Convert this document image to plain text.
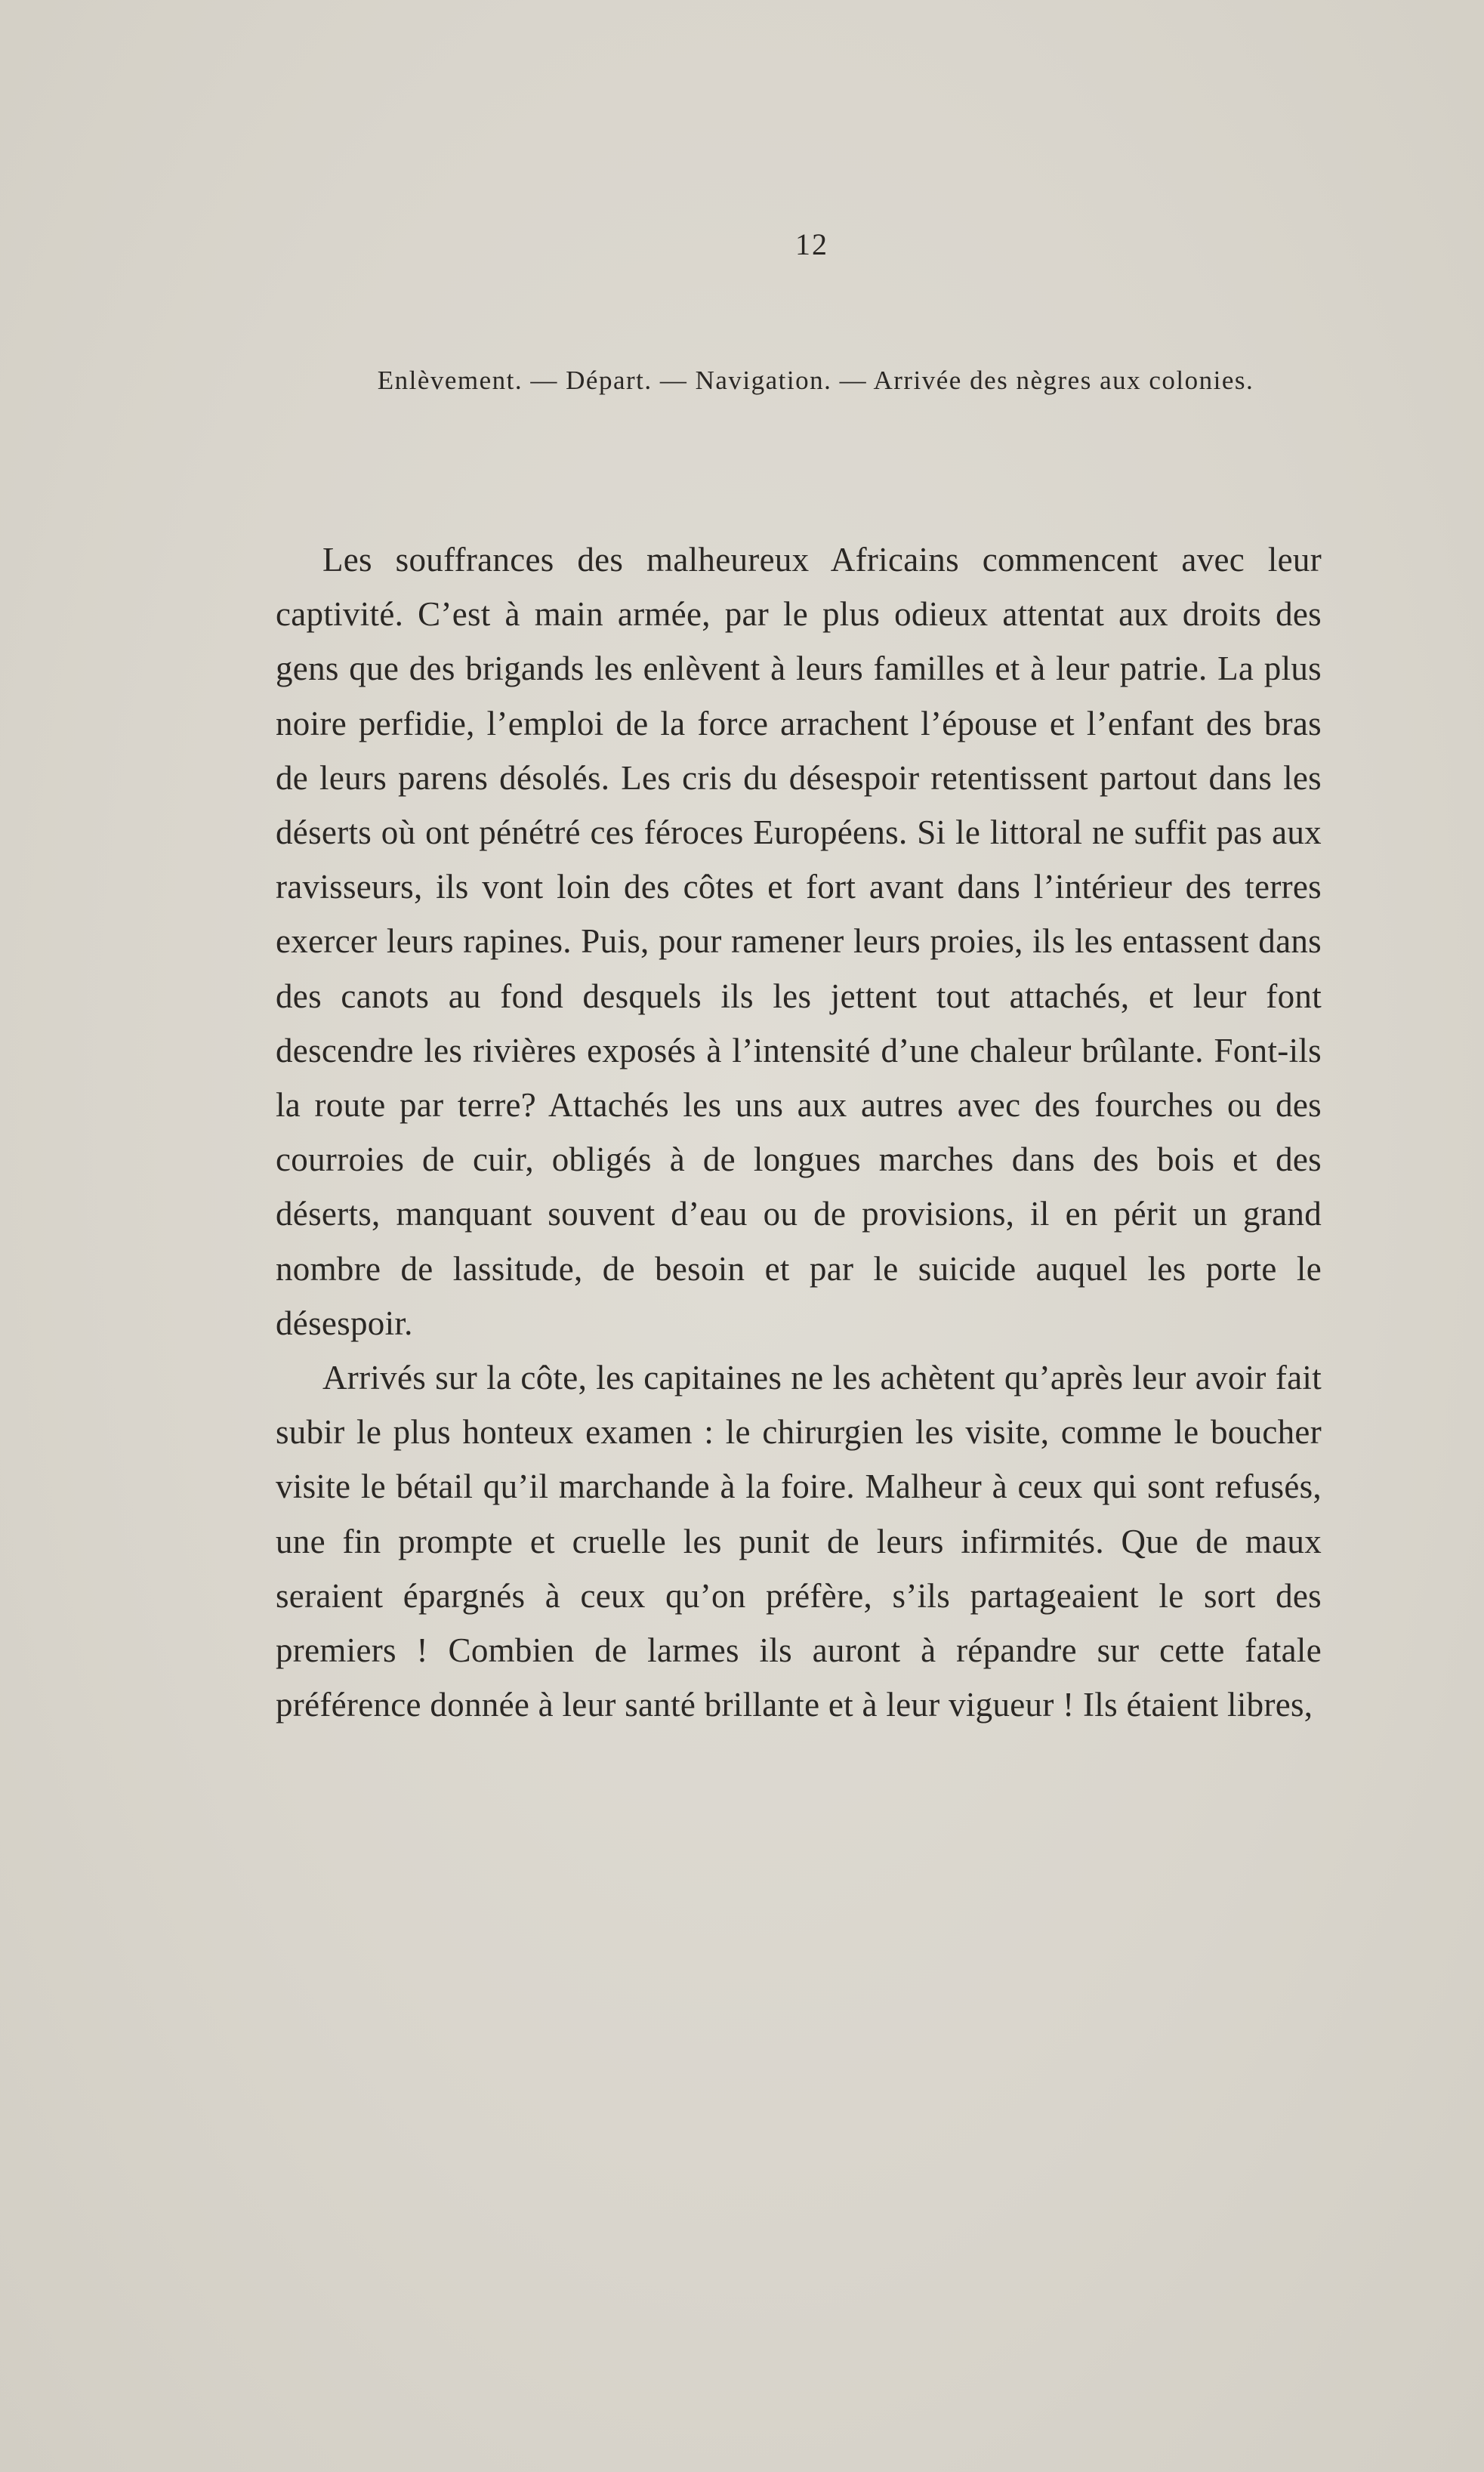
12
Enlèvement. — Départ. — Navigation. — Arrivée des nègres aux colonies.

Les souffrances des malheureux Africains commencent avec leur captivité. C’est à main armée, par le plus odieux attentat aux droits des gens que des brigands les enlèvent à leurs familles et à leur patrie. La plus noire perfidie, l’emploi de la force arrachent l’épouse et l’enfant des bras de leurs parens désolés. Les cris du désespoir retentissent partout dans les déserts où ont pénétré ces féroces Européens. Si le littoral ne suffit pas aux ravisseurs, ils vont loin des côtes et fort avant dans l’intérieur des terres exercer leurs rapines. Puis, pour ramener leurs proies, ils les entassent dans des canots au fond desquels ils les jettent tout attachés, et leur font descendre les rivières exposés à l’intensité d’une chaleur brûlante. Font-ils la route par terre? Attachés les uns aux autres avec des fourches ou des courroies de cuir, obligés à de longues marches dans des bois et des déserts, manquant souvent d’eau ou de provisions, il en périt un grand nombre de lassitude, de besoin et par le suicide auquel les porte le désespoir.

Arrivés sur la côte, les capitaines ne les achètent qu’après leur avoir fait subir le plus honteux examen : le chirurgien les visite, comme le boucher visite le bétail qu’il marchande à la foire. Malheur à ceux qui sont refusés, une fin prompte et cruelle les punit de leurs infirmités. Que de maux seraient épargnés à ceux qu’on préfère, s’ils partageaient le sort des premiers ! Combien de larmes ils auront à répandre sur cette fatale préférence donnée à leur santé brillante et à leur vigueur ! Ils étaient libres,
